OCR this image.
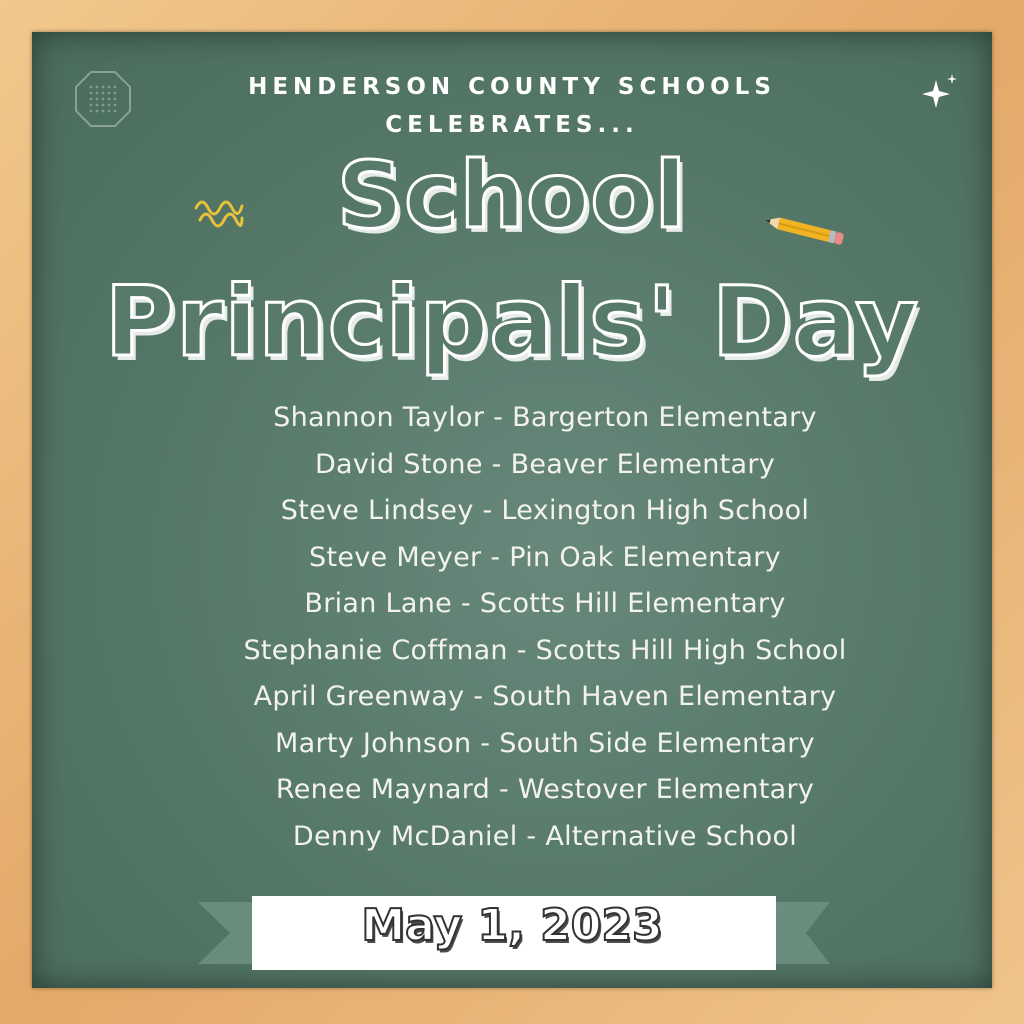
HENDERSON COUNTY SCHOOLS
CELEBRATES...
School
Principals' Day
Shannon Taylor - Bargerton Elementary
David Stone - Beaver Elementary
Steve Lindsey - Lexington High School
Steve Meyer - Pin Oak Elementary
Brian Lane - Scotts Hill Elementary
Stephanie Coffman - Scotts Hill High School
April Greenway - South Haven Elementary
Marty Johnson - South Side Elementary
Renee Maynard - Westover Elementary
Denny McDaniel - Alternative School
May 1, 2023
